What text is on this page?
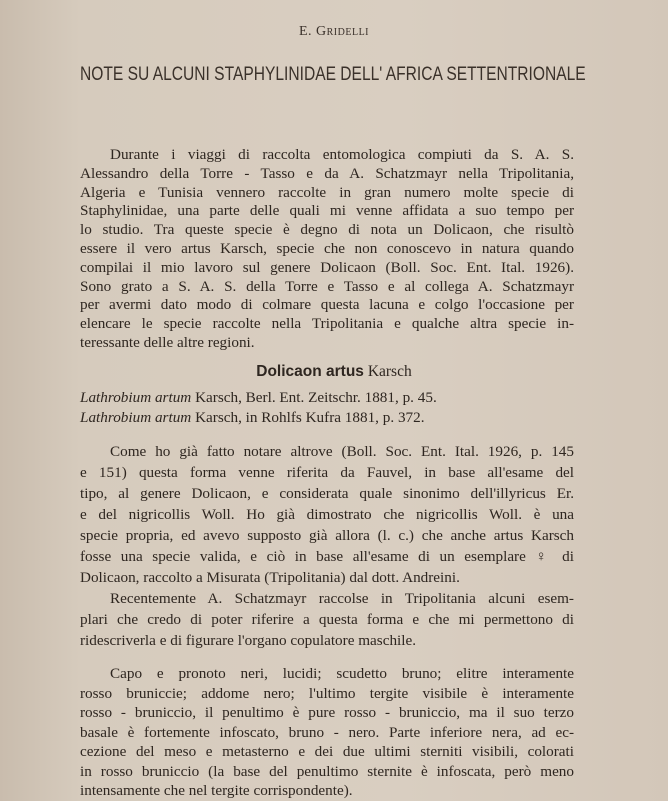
E. Gridelli
NOTE SU ALCUNI STAPHYLINIDAE DELL' AFRICA SETTENTRIONALE
Durante i viaggi di raccolta entomologica compiuti da S. A. S.
Alessandro della Torre - Tasso e da A. Schatzmayr nella Tripolitania,
Algeria e Tunisia vennero raccolte in gran numero molte specie di
Staphylinidae, una parte delle quali mi venne affidata a suo tempo per
lo studio. Tra queste specie è degno di nota un Dolicaon, che risultò
essere il vero artus Karsch, specie che non conoscevo in natura quando
compilai il mio lavoro sul genere Dolicaon (Boll. Soc. Ent. Ital. 1926).
Sono grato a S. A. S. della Torre e Tasso e al collega A. Schatzmayr
per avermi dato modo di colmare questa lacuna e colgo l'occasione per
elencare le specie raccolte nella Tripolitania e qualche altra specie in-
teressante delle altre regioni.
Dolicaon artus Karsch
Lathrobium artum Karsch, Berl. Ent. Zeitschr. 1881, p. 45.
Lathrobium artum Karsch, in Rohlfs Kufra 1881, p. 372.
Come ho già fatto notare altrove (Boll. Soc. Ent. Ital. 1926, p. 145
e 151) questa forma venne riferita da Fauvel, in base all'esame del
tipo, al genere Dolicaon, e considerata quale sinonimo dell'illyricus Er.
e del nigricollis Woll. Ho già dimostrato che nigricollis Woll. è una
specie propria, ed avevo supposto già allora (l. c.) che anche artus Karsch
fosse una specie valida, e ciò in base all'esame di un esemplare ♀ di
Dolicaon, raccolto a Misurata (Tripolitania) dal dott. Andreini.
Recentemente A. Schatzmayr raccolse in Tripolitania alcuni esem-
plari che credo di poter riferire a questa forma e che mi permettono di
ridescriverla e di figurare l'organo copulatore maschile.
Capo e pronoto neri, lucidi; scudetto bruno; elitre interamente
rosso bruniccie; addome nero; l'ultimo tergite visibile è interamente
rosso - bruniccio, il penultimo è pure rosso - bruniccio, ma il suo terzo
basale è fortemente infoscato, bruno - nero. Parte inferiore nera, ad ec-
cezione del meso e metasterno e dei due ultimi sterniti visibili, colorati
in rosso bruniccio (la base del penultimo sternite è infoscata, però meno
intensamente che nel tergite corrispondente).
